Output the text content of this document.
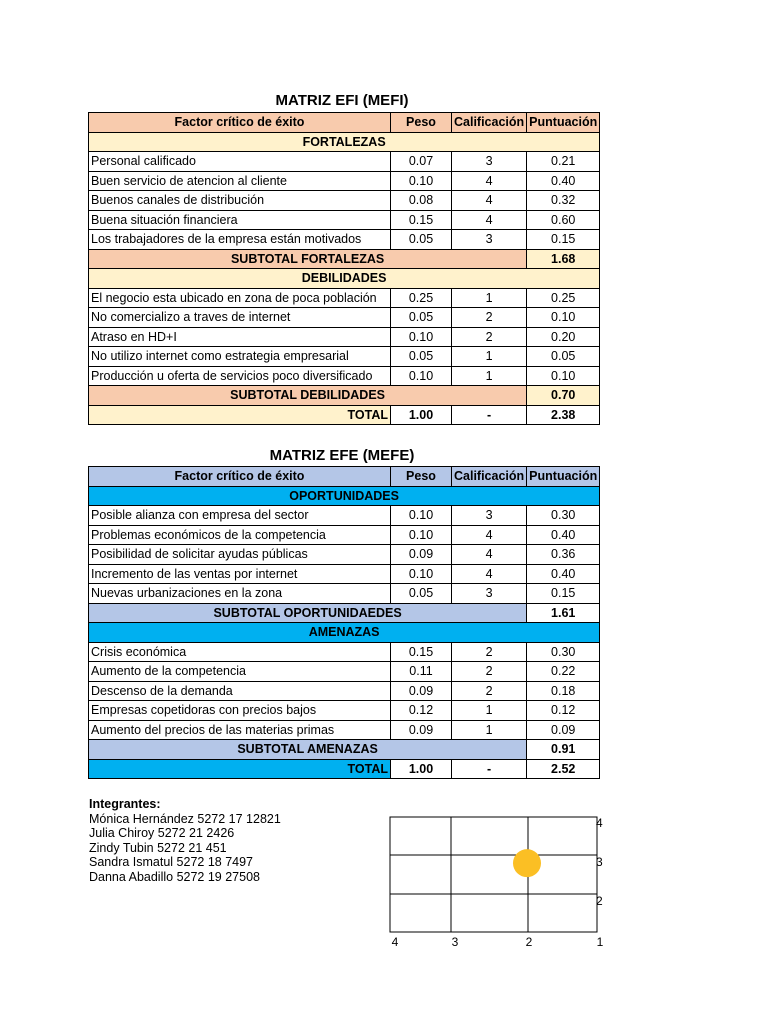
MATRIZ EFI (MEFI)
Factor crítico de éxito	Peso	Calificación	Puntuación
FORTALEZAS			
Personal calificado	0.07	3	0.21
Buen servicio de atencion al cliente	0.10	4	0.40
Buenos canales de distribución	0.08	4	0.32
Buena situación financiera	0.15	4	0.60
Los trabajadores de la empresa están motivados	0.05	3	0.15
SUBTOTAL FORTALEZAS			1.68
DEBILIDADES			
El negocio esta ubicado en zona de poca población	0.25	1	0.25
No comercializo a traves de internet	0.05	2	0.10
Atraso en HD+I	0.10	2	0.20
No utilizo internet como estrategia empresarial	0.05	1	0.05
Producción u oferta de servicios poco diversificado	0.10	1	0.10
SUBTOTAL DEBILIDADES			0.70
TOTAL	1.00	-	2.38
MATRIZ EFE (MEFE)
Factor crítico de éxito	Peso	Calificación	Puntuación
OPORTUNIDADES			
Posible alianza con empresa del sector	0.10	3	0.30
Problemas económicos de la competencia	0.10	4	0.40
Posibilidad de solicitar ayudas públicas	0.09	4	0.36
Incremento de las ventas por internet	0.10	4	0.40
Nuevas urbanizaciones en la zona	0.05	3	0.15
SUBTOTAL OPORTUNIDAEDES			1.61
AMENAZAS			
Crisis económica	0.15	2	0.30
Aumento de la competencia	0.11	2	0.22
Descenso de la demanda	0.09	2	0.18
Empresas copetidoras con precios bajos	0.12	1	0.12
Aumento del precios de las materias primas	0.09	1	0.09
SUBTOTAL AMENAZAS			0.91
TOTAL	1.00	-	2.52
Integrantes:
Mónica Hernández 5272 17 12821
Julia Chiroy 5272 21 2426
Zindy Tubin 5272 21 451
Sandra Ismatul 5272 18 7497
Danna Abadillo 5272 19 27508
4	3	2	1
4
3
2
